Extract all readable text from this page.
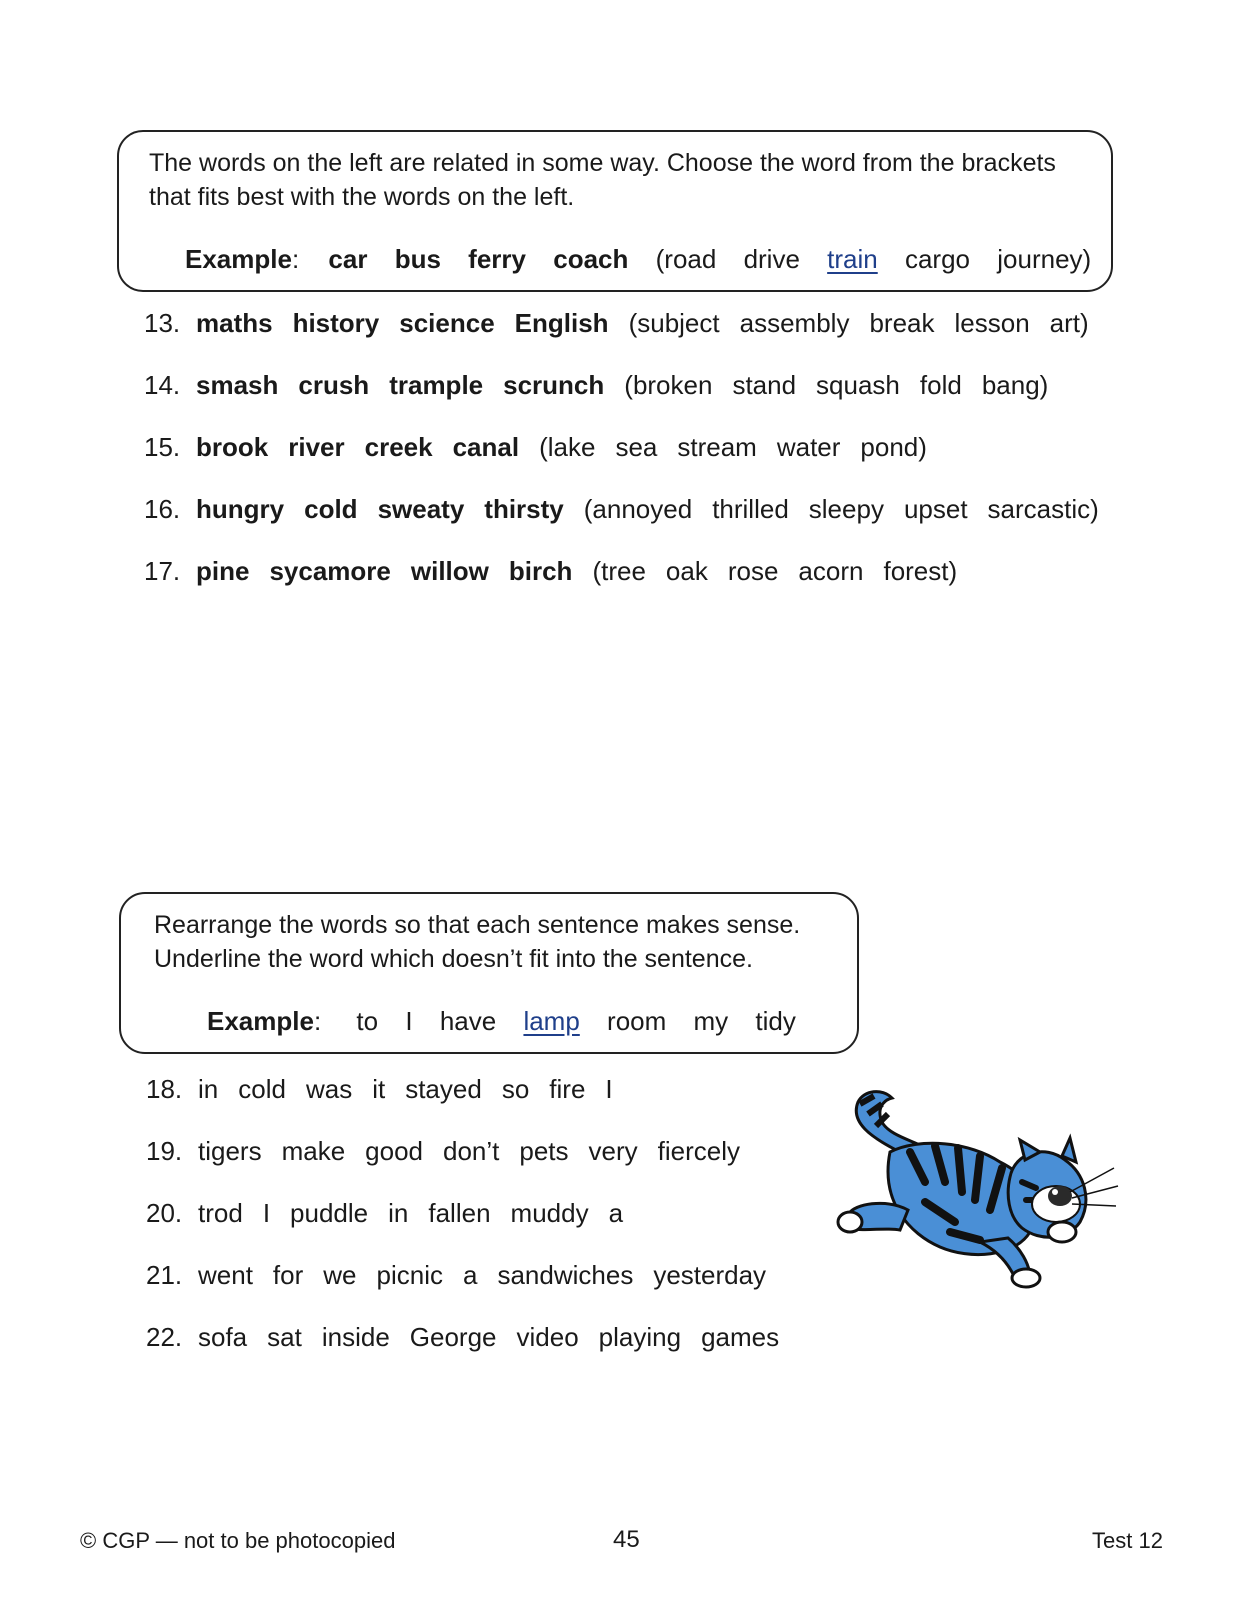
The words on the left are related in some way. Choose the word from the brackets that fits best with the words on the left.
Example: car bus ferry coach (road drive train cargo journey)
13. maths history science English (subject assembly break lesson art)
14. smash crush trample scrunch (broken stand squash fold bang)
15. brook river creek canal (lake sea stream water pond)
16. hungry cold sweaty thirsty (annoyed thrilled sleepy upset sarcastic)
17. pine sycamore willow birch (tree oak rose acorn forest)
Rearrange the words so that each sentence makes sense. Underline the word which doesn’t fit into the sentence.
Example: to I have lamp room my tidy
18. in cold was it stayed so fire I
19. tigers make good don’t pets very fiercely
20. trod I puddle in fallen muddy a
21. went for we picnic a sandwiches yesterday
22. sofa sat inside George video playing games
© CGP — not to be photocopied	45	Test 12
